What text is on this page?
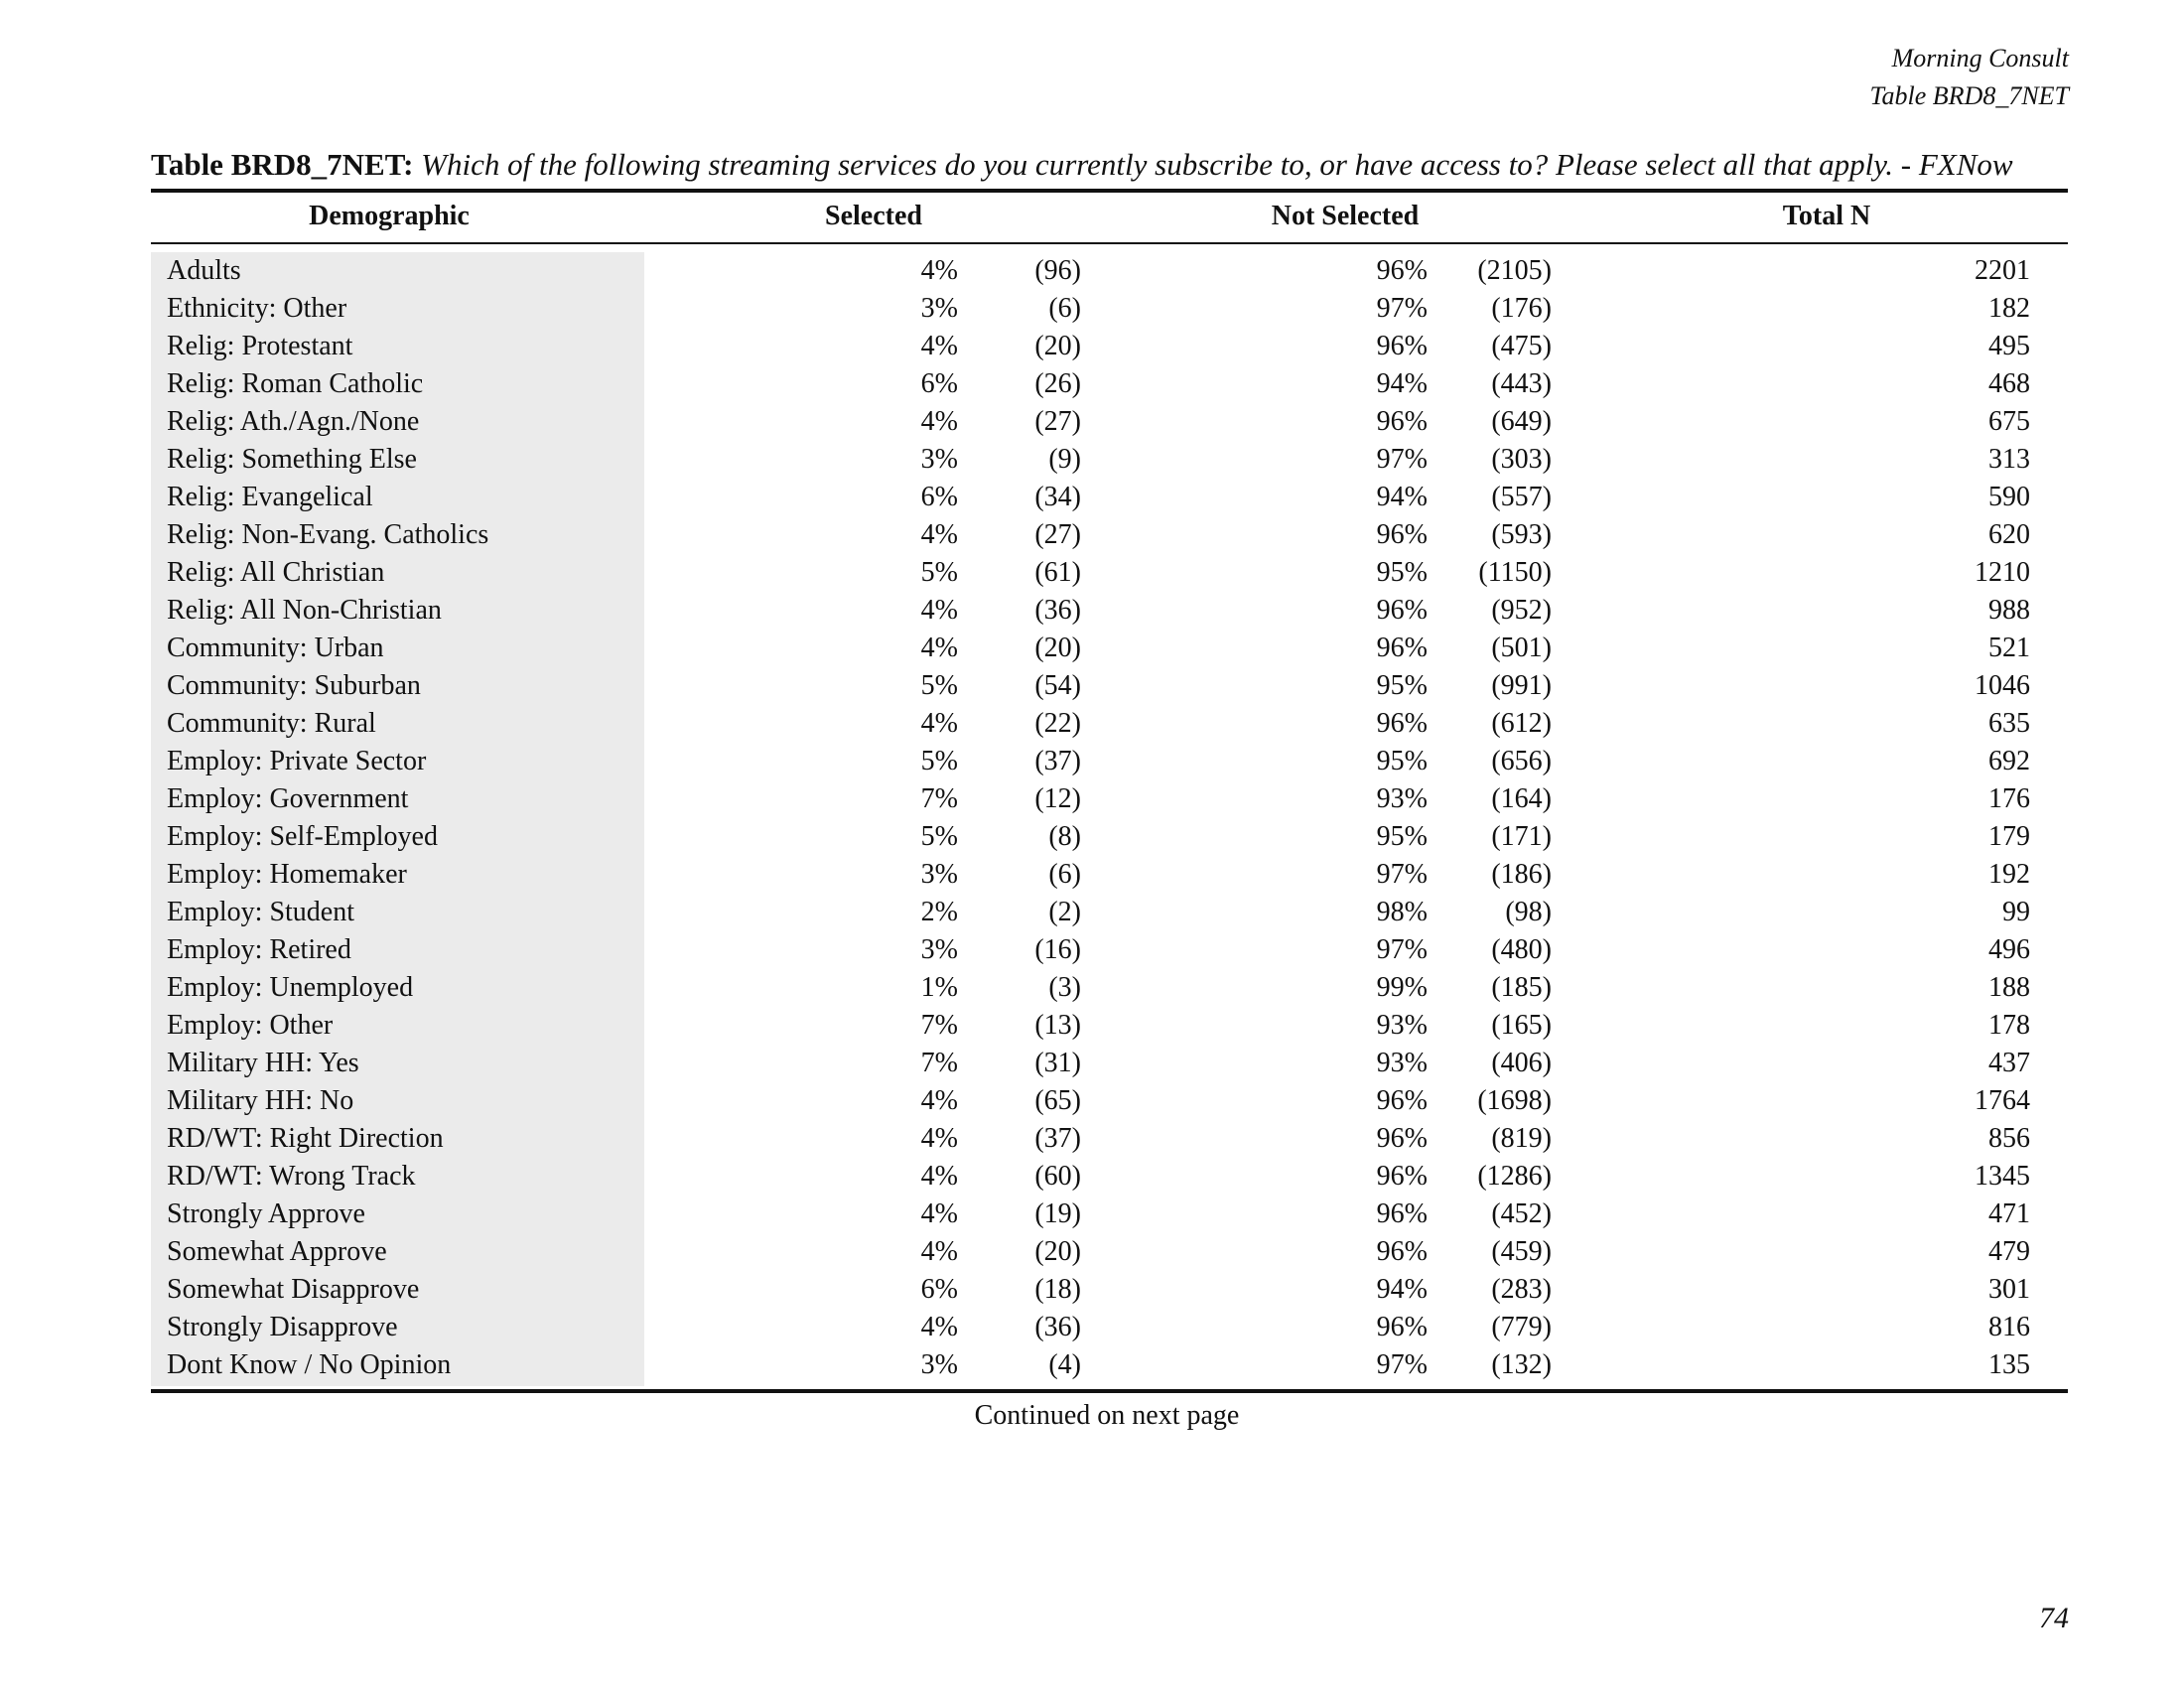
Morning Consult
Table BRD8_7NET
Table BRD8_7NET: Which of the following streaming services do you currently subscribe to, or have access to? Please select all that apply. - FXNow
Demographic	Selected	Not Selected	Total N
Adults	4%	(96)	96% (2105)	2201
Ethnicity: Other	3%	(6)	97% (176)	182
Relig: Protestant	4%	(20)	96% (475)	495
Relig: Roman Catholic	6%	(26)	94% (443)	468
Relig: Ath./Agn./None	4%	(27)	96% (649)	675
Relig: Something Else	3%	(9)	97% (303)	313
Relig: Evangelical	6%	(34)	94% (557)	590
Relig: Non-Evang. Catholics	4%	(27)	96% (593)	620
Relig: All Christian	5%	(61)	95% (1150)	1210
Relig: All Non-Christian	4%	(36)	96% (952)	988
Community: Urban	4%	(20)	96% (501)	521
Community: Suburban	5%	(54)	95% (991)	1046
Community: Rural	4%	(22)	96% (612)	635
Employ: Private Sector	5%	(37)	95% (656)	692
Employ: Government	7%	(12)	93% (164)	176
Employ: Self-Employed	5%	(8)	95% (171)	179
Employ: Homemaker	3%	(6)	97% (186)	192
Employ: Student	2%	(2)	98%	(98)	99
Employ: Retired	3%	(16)	97% (480)	496
Employ: Unemployed	1%	(3)	99% (185)	188
Employ: Other	7%	(13)	93% (165)	178
Military HH: Yes	7%	(31)	93% (406)	437
Military HH: No	4%	(65)	96% (1698)	1764
RD/WT: Right Direction	4%	(37)	96% (819)	856
RD/WT: Wrong Track	4%	(60)	96% (1286)	1345
Strongly Approve	4%	(19)	96% (452)	471
Somewhat Approve	4%	(20)	96% (459)	479
Somewhat Disapprove	6%	(18)	94% (283)	301
Strongly Disapprove	4%	(36)	96% (779)	816
Dont Know / No Opinion	3%	(4)	97% (132)	135
Continued on next page
74
